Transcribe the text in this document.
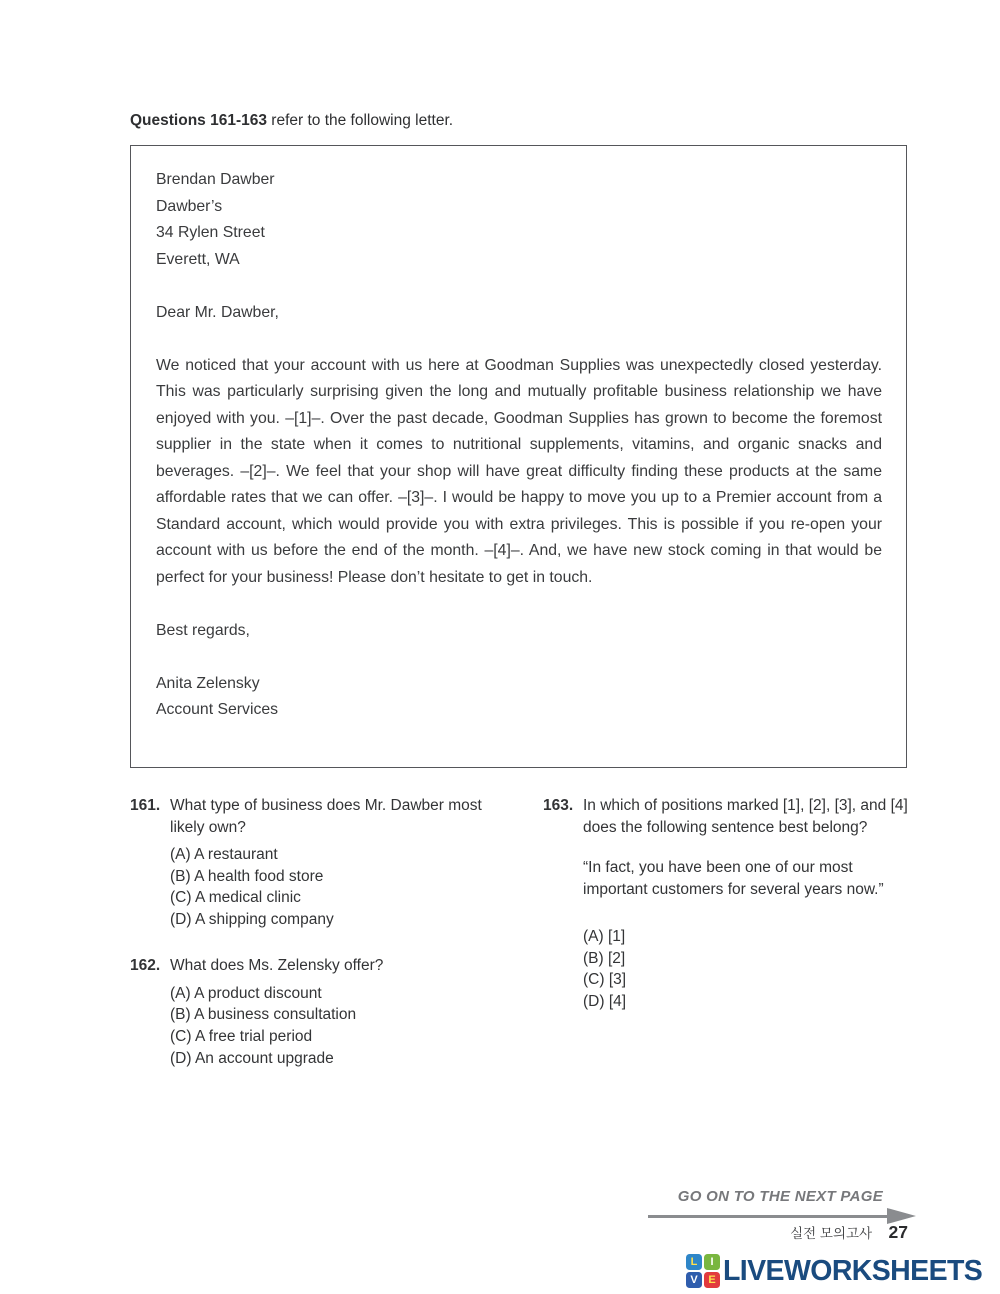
Questions 161-163 refer to the following letter.
Brendan Dawber
Dawber’s
34 Rylen Street
Everett, WA
Dear Mr. Dawber,

We noticed that your account with us here at Goodman Supplies was unexpectedly closed yesterday. This was particularly surprising given the long and mutually profitable business relationship we have enjoyed with you. –[1]–. Over the past decade, Goodman Supplies has grown to become the foremost supplier in the state when it comes to nutritional supplements, vitamins, and organic snacks and beverages. –[2]–. We feel that your shop will have great difficulty finding these products at the same affordable rates that we can offer. –[3]–. I would be happy to move you up to a Premier account from a Standard account, which would provide you with extra privileges. This is possible if you re-open your account with us before the end of the month. –[4]–. And, we have new stock coming in that would be perfect for your business! Please don’t hesitate to get in touch.

Best regards,
Anita Zelensky
Account Services
161. What type of business does Mr. Dawber most likely own?
(A) A restaurant
(B) A health food store
(C) A medical clinic
(D) A shipping company
162. What does Ms. Zelensky offer?
(A) A product discount
(B) A business consultation
(C) A free trial period
(D) An account upgrade
163. In which of positions marked [1], [2], [3], and [4] does the following sentence best belong?
“In fact, you have been one of our most important customers for several years now.”
(A) [1]
(B) [2]
(C) [3]
(D) [4]
GO ON TO THE NEXT PAGE
실전 모의고사 27
L	I
V E LIVEWORKSHEETS
